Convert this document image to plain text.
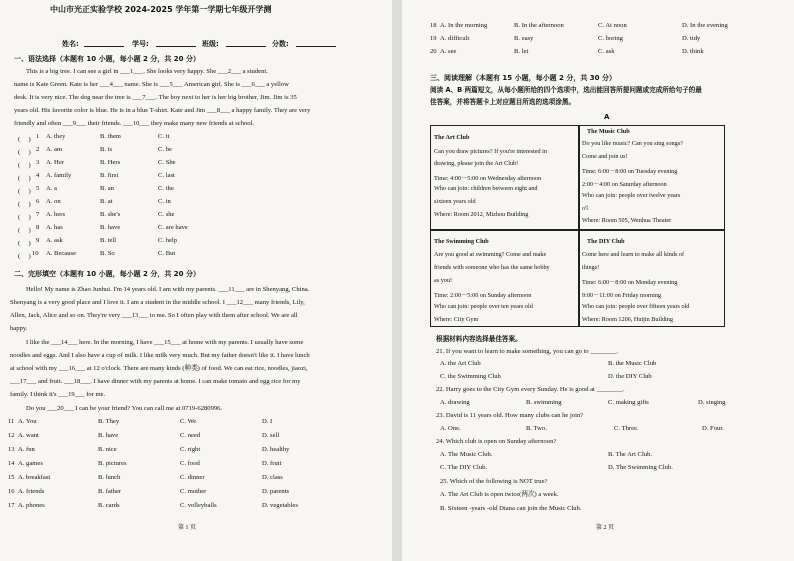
中山市光正实验学校 2024-2025 学年第一学期七年级开学测
姓名:	学号:	班级:	分数:
一、语法选择（本题有 10 小题，每小题 2 分，共 20 分）
This is a big tree. I can see a girl in ___1___. She looks very happy. She ___2___ a student.
name is Kate Green. Kate is her ___4___ name. She is ___5___ American girl. She is ___6___ a yellow
desk. It is very nice. The dog near the tree is ___7___. The boy next to her is her big brother, Jim. Jim is 35
years old. His favorite color is blue. He is in a blue T-shirt. Kate and Jim ___8___ a happy family. They are very
friendly and often ___9___ their friends. ___10___ they make many new friends at school.
(　 ) 1 A. they	B. them	C. it
(　 ) 2 A. am	B. is	C. be
(　 ) 3 A. Her	B. Hers	C. She
(　 ) 4 A. family	B. first	C. last
(　 ) 5 A. a	B. an	C. the
(　 ) 6 A. on	B. at	C. in
(　 ) 7 A. hers	B. she's	C. she
(　 ) 8 A. has	B. have	C. are have
(　 ) 9 A. ask	B. tell	C. help
(　 ) 10 A. Because	B. So	C. But
二、完形填空（本题有 10 小题，每小题 2 分，共 20 分）
Hello! My name is Zhao Junhui. I'm 14 years old. I am with my parents. ___11___ are in Shenyang, China.
Shenyang is a very good place and I love it. I am a student in the middle school. I ___12___ many friends, Lily,
Allen, Jack, Alice and so on. They're very ___13___ to me. So I often play with them after school. We are all
happy.
I like the ___14___ here. In the morning, I have ___15___ at home with my parents. I usually have some
noodles and eggs. And I also have a cup of milk. I like milk very much. But my father doesn't like it. I have lunch
at school with my ___16___ at 12 o'clock. There are many kinds (种类) of food. We can eat rice, noodles, jiaozi,
___17___ and fruit. ___18___. I have dinner with my parents at home. I can make tomato and egg rice for my
family. I think it's ___19___ for me.
Do you ___20___ I can be your friend? You can call me at 0719-6280996.
11 A. You	B. They	C. We	D. I
12 A. want	B. have	C. need	D. sell
13 A. fun	B. nice	C. right	D. healthy
14 A. games	B. pictures	C. food	D. fruit
15 A. breakfast	B. lunch	C. dinner	D. class
16 A. friends	B. father	C. mother	D. parents
17 A. phones	B. cards	C. volleyballs	D. vegetables
第 1 页
18 A. In the morning	B. In the afternoon	C. At noon	D. In the evening
19 A. difficult	B. easy	C. boring	D. tidy
20 A. see	B. let	C. ask	D. think
三、阅读理解（本题有 15 小题，每小题 2 分，共 30 分）
阅读 A、B 两篇短文，从每小题所给的四个选项中，选出能回答所提问题或完成所给句子的最
佳答案，并将答题卡上对应题目所选的选项涂黑。
A
The Art Club
Can you draw pictures? If you're interested in
drawing, please join the Art Club!
Time: 4:00－5:00 on Wednesday afternoon
Who can join: children between eight and
sixteen years old
Where: Room 2012, Mizhou Building
The Music Club
Do you like music? Can you sing songs?
Come and join us!
Time: 6:00－8:00 on Tuesday evening
2:00－4:00 on Saturday afternoon
Who can join: people over twelve years
o'l
Where: Room 505, Wenhua Theater
The Swimming Club
Are you good at swimming? Come and make
friends with someone who has the same hobby
as you!
Time: 2:00－5:00 on Sunday afternoon
Who can join: people over ten years old
Where: City Gym
The DIY Club
Come here and learn to make all kinds of
things!
Time: 6:00－8:00 on Monday evening
9:00－11:00 on Friday morning
Who can join: people over fifteen years old
Where: Room 1206, Huijin Building
根据材料内容选择最佳答案。
21. If you want to learn to make something, you can go to ________.
A. the Art Club	B. the Music Club
C. the Swimming Club	D. the DIY Club
22. Harry goes to the City Gym every Sunday. He is good at ________.
A. drawing	B. swimming	C. making gifts	D. singing
23. David is 11 years old. How many clubs can he join?
A. One.	B. Two.	C. Three.	D. Four.
24. Which club is open on Sunday afternoon?
A. The Music Club.	B. The Art Club.
C. The DIY Club.	D. The Swimming Club.
25. Which of the following is NOT true?
A. The Art Club is open twice(两次) a week.
B. Sixteen -years -old Diana can join the Music Club.
第 2 页
